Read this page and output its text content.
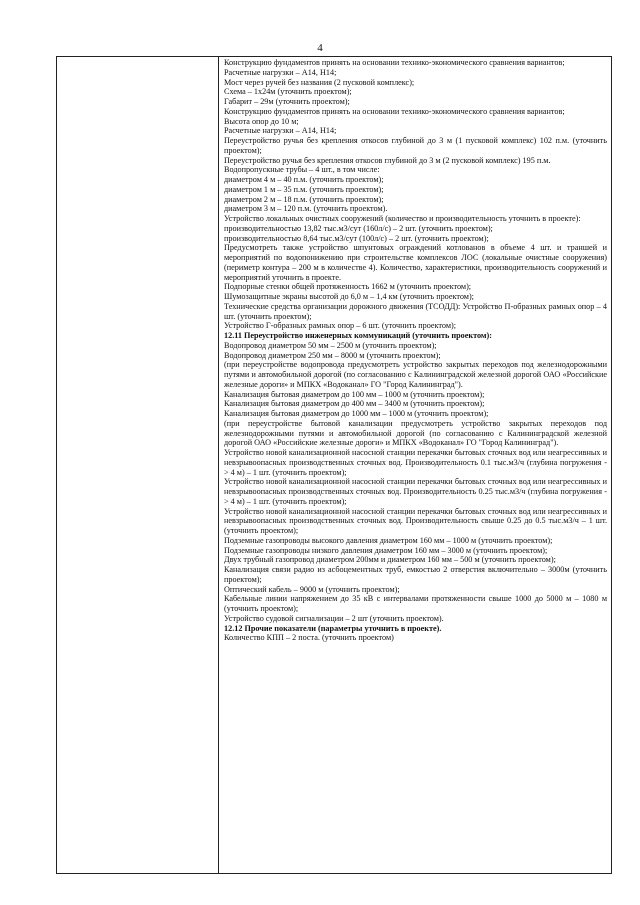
4

Конструкцию фундаментов принять на основании технико-экономического сравнения вариантов;

Расчетные нагрузки – А14, Н14;

Мост через ручей без названия (2 пусковой комплекс);

Схема – 1х24м (уточнить проектом);

Габарит – 29м (уточнить проектом);

Конструкцию фундаментов принять на основании технико-экономического сравнения вариантов;

Высота опор до 10 м;

Расчетные нагрузки – А14, Н14;

Переустройство ручья без крепления откосов глубиной до 3 м (1 пусковой комплекс) 102 п.м. (уточнить проектом);

Переустройство ручья без крепления откосов глубиной до 3 м (2 пусковой комплекс) 195 п.м.

Водопропускные трубы – 4 шт., в том числе:

диаметром 4 м – 40 п.м. (уточнить проектом);

диаметром 1 м – 35 п.м. (уточнить проектом);

диаметром 2 м – 18 п.м. (уточнить проектом);

диаметром 3 м – 120 п.м. (уточнить проектом).

Устройство локальных очистных сооружений (количество и производительность уточнить в проекте):

производительностью 13,82 тыс.м3/сут (160л/с) – 2 шт. (уточнить проектом);

производительностью 8,64 тыс.м3/сут (100л/с) – 2 шт. (уточнить проектом);

Предусмотреть также устройство шпунтовых ограждений котлованов в объеме 4 шт. и траншей и мероприятий по водопонижению при строительстве комплексов ЛОС (локальные очистные сооружения) (периметр контура – 200 м в количестве 4). Количество, характеристики, производительность сооружений и мероприятий уточнить в проекте.

Подпорные стенки общей протяженность 1662 м (уточнить проектом);

Шумозащитные экраны высотой до 6,0 м – 1,4 км (уточнить проектом);

Технические средства организации дорожного движения (ТСОДД): Устройство П-образных рамных опор – 4 шт. (уточнить проектом);

Устройство Г-образных рамных опор – 6 шт. (уточнить проектом);

12.11 Переустройство инженерных коммуникаций (уточнить проектом):

Водопровод диаметром 50 мм – 2500 м (уточнить проектом);

Водопровод диаметром 250 мм – 8000 м (уточнить проектом);

(при переустройстве водопровода предусмотреть устройство закрытых переходов под железнодорожными путями и автомобильной дорогой (по согласованию с Калининградской железной дорогой ОАО «Российские железные дороги» и МПКХ «Водоканал» ГО "Город Калининград").

Канализация бытовая диаметром до 100 мм – 1000 м (уточнить проектом);

Канализация бытовая диаметром до 400 мм – 3400 м (уточнить проектом);

Канализация бытовая диаметром до 1000 мм – 1000 м (уточнить проектом);

(при переустройстве бытовой канализации предусмотреть устройство закрытых переходов под железнодорожными путями и автомобильной дорогой (по согласованию с Калининградской железной дорогой ОАО «Российские железные дороги» и МПКХ «Водоканал» ГО "Город Калининград").

Устройство новой канализационной насосной станции перекачки бытовых сточных вод или неагрессивных и невзрывоопасных производственных сточных вод. Производительность 0.1 тыс.м3/ч (глубина погружения - > 4 м) – 1 шт. (уточнить проектом);

Устройство новой канализационной насосной станции перекачки бытовых сточных вод или неагрессивных и невзрывоопасных производственных сточных вод. Производительность 0.25 тыс.м3/ч (глубина погружения - > 4 м) – 1 шт. (уточнить проектом);

Устройство новой канализационной насосной станции перекачки бытовых сточных вод или неагрессивных и невзрывоопасных производственных сточных вод. Производительность свыше 0.25 до 0.5 тыс.м3/ч – 1 шт. (уточнить проектом);

Подземные газопроводы высокого давления диаметром 160 мм – 1000 м (уточнить проектом);

Подземные газопроводы низкого давления диаметром 160 мм – 3000 м (уточнить проектом);

Двух трубный газопровод диаметром 200мм и диаметром 160 мм – 500 м (уточнить проектом);

Канализация связи радио из асбоцементных труб, емкостью 2 отверстия включительно – 3000м (уточнить проектом);

Оптический кабель – 9000 м (уточнить проектом);

Кабельные линии напряжением до 35 кВ с интервалами протяженности свыше 1000 до 5000 м – 1080 м (уточнить проектом);

Устройство судовой сигнализации – 2 шт (уточнить проектом).

12.12 Прочие показатели (параметры уточнить в проекте).

Количество КПП – 2 поста. (уточнить проектом)
